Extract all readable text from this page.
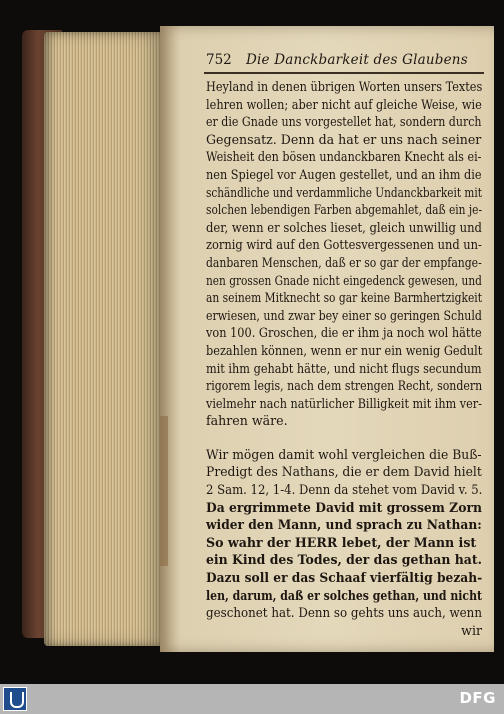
752 Die Danckbarkeit des Glaubens
Heyland in denen übrigen Worten unsers Textes
lehren wollen; aber nicht auf gleiche Weise, wie
er die Gnade uns vorgestellet hat, sondern durch
Gegensatz. Denn da hat er uns nach seiner
Weisheit den bösen undanckbaren Knecht als ei-
nen Spiegel vor Augen gestellet, und an ihm die
schändliche und verdammliche Undanckbarkeit mit
solchen lebendigen Farben abgemahlet, daß ein je-
der, wenn er solches lieset, gleich unwillig und
zornig wird auf den Gottesvergessenen und un-
danbaren Menschen, daß er so gar der empfange-
nen grossen Gnade nicht eingedenck gewesen, und
an seinem Mitknecht so gar keine Barmhertzigkeit
erwiesen, und zwar bey einer so geringen Schuld
von 100. Groschen, die er ihm ja noch wol hätte
bezahlen können, wenn er nur ein wenig Gedult
mit ihm gehabt hätte, und nicht flugs secundum
rigorem legis, nach dem strengen Recht, sondern
vielmehr nach natürlicher Billigkeit mit ihm ver-
fahren wäre.
Wir mögen damit wohl vergleichen die Buß-
Predigt des Nathans, die er dem David hielt
2 Sam. 12, 1-4. Denn da stehet vom David v. 5.
Da ergrimmete David mit grossem Zorn
wider den Mann, und sprach zu Nathan:
So wahr der HERR lebet, der Mann ist
ein Kind des Todes, der das gethan hat.
Dazu soll er das Schaaf vierfältig bezah-
len, darum, daß er solches gethan, und nicht
geschonet hat. Denn so gehts uns auch, wenn
wir
DFG
